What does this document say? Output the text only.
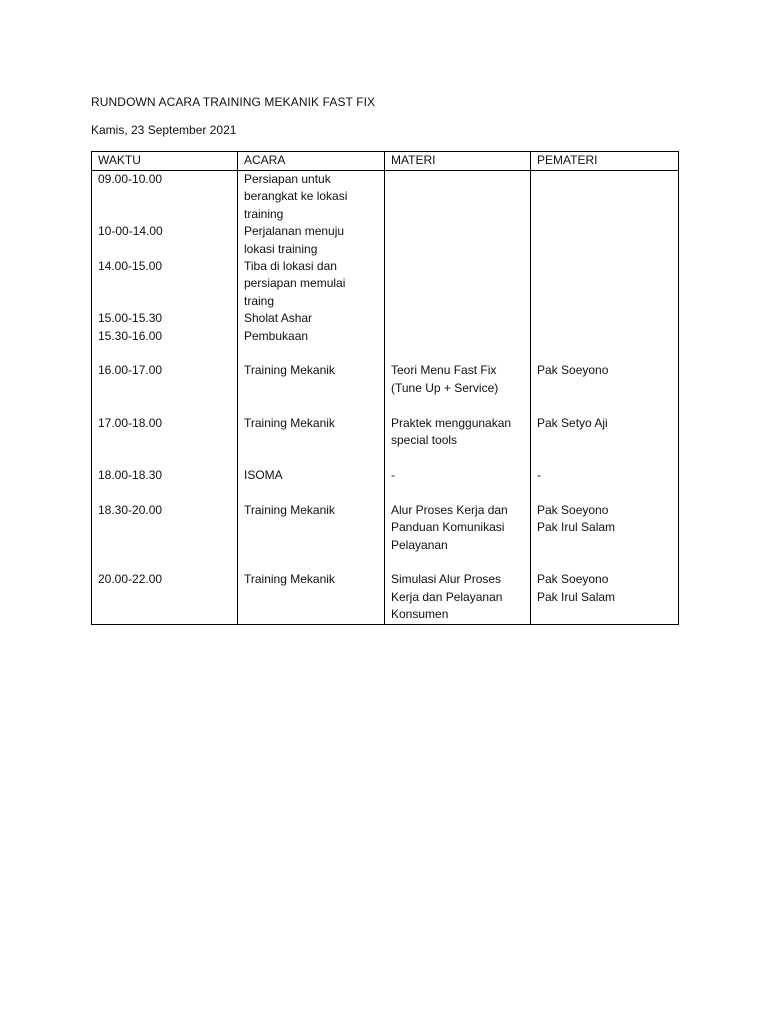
RUNDOWN ACARA TRAINING MEKANIK FAST FIX
Kamis, 23 September 2021
WAKTU	ACARA	MATERI	PEMATERI

09.00-10.00	Persiapan untuk
berangkat ke lokasi
training		

10-00-14.00	Perjalanan menuju
lokasi training		

14.00-15.00	Tiba di lokasi dan
persiapan memulai
traing		

15.00-15.30	Sholat Ashar		

15.30-16.00	Pembukaan		

16.00-17.00	Training Mekanik	Teori Menu Fast Fix
(Tune Up + Service)	Pak Soeyono

17.00-18.00	Training Mekanik	Praktek menggunakan
special tools	Pak Setyo Aji

18.00-18.30	ISOMA	-	-

18.30-20.00	Training Mekanik	Alur Proses Kerja dan
Panduan Komunikasi
Pelayanan	Pak Soeyono
Pak Irul Salam

20.00-22.00	Training Mekanik	Simulasi Alur Proses
Kerja dan Pelayanan
Konsumen	Pak Soeyono
Pak Irul Salam
